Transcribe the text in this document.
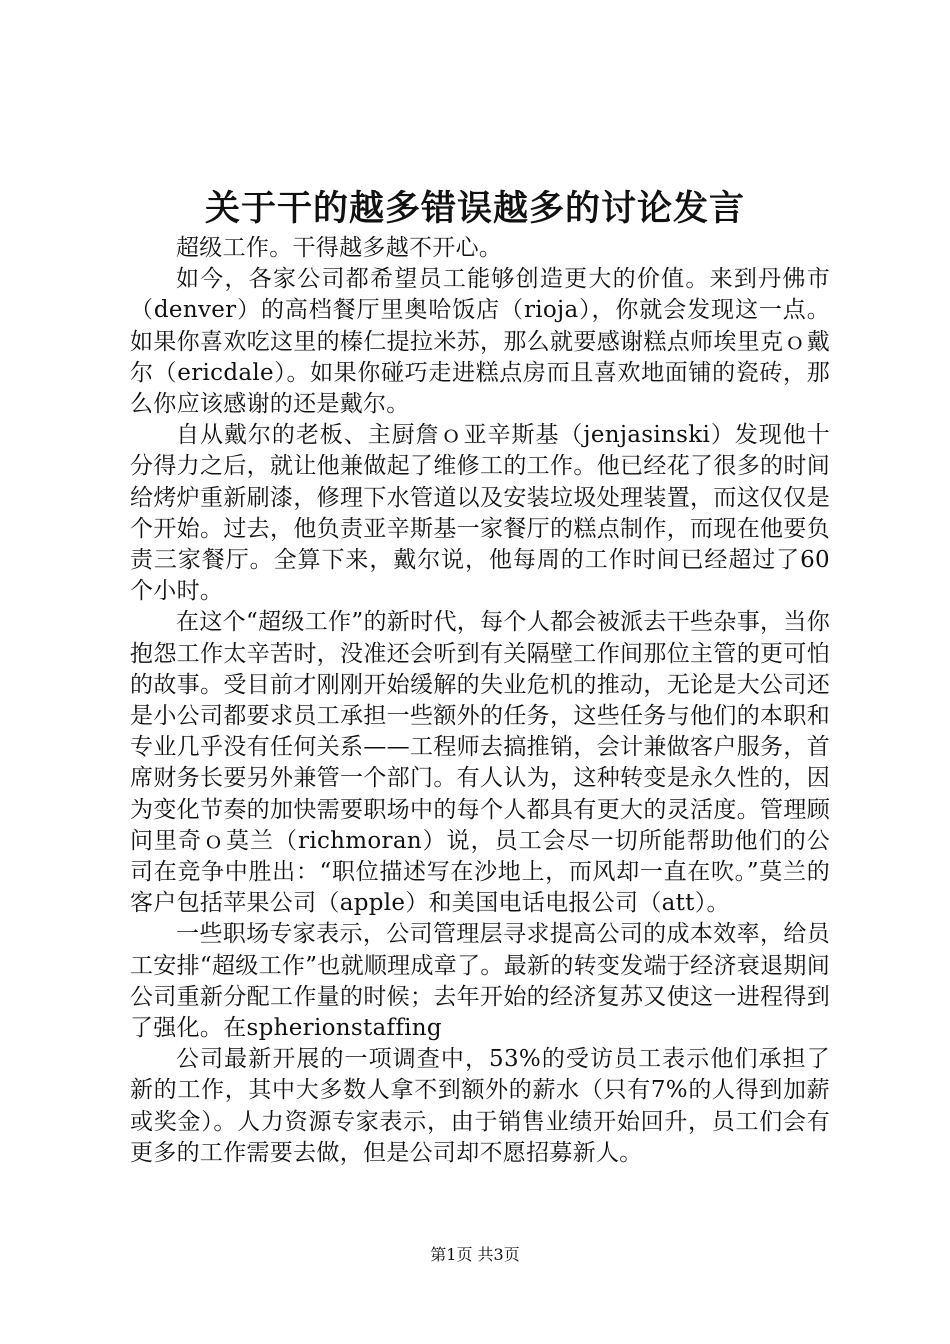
关于干的越多错误越多的讨论发言

超级工作。干得越多越不开心。

如今，各家公司都希望员工能够创造更大的价值。来到丹佛市（denver）的高档餐厅里奥哈饭店（rioja），你就会发现这一点。如果你喜欢吃这里的榛仁提拉米苏，那么就要感谢糕点师埃里克ｏ戴尔（ericdale）。如果你碰巧走进糕点房而且喜欢地面铺的瓷砖，那么你应该感谢的还是戴尔。

自从戴尔的老板、主厨詹ｏ亚辛斯基（jenjasinski）发现他十分得力之后，就让他兼做起了维修工的工作。他已经花了很多的时间给烤炉重新刷漆，修理下水管道以及安装垃圾处理装置，而这仅仅是个开始。过去，他负责亚辛斯基一家餐厅的糕点制作，而现在他要负责三家餐厅。全算下来，戴尔说，他每周的工作时间已经超过了60个小时。

在这个“超级工作”的新时代，每个人都会被派去干些杂事，当你抱怨工作太辛苦时，没准还会听到有关隔壁工作间那位主管的更可怕的故事。受目前才刚刚开始缓解的失业危机的推动，无论是大公司还是小公司都要求员工承担一些额外的任务，这些任务与他们的本职和专业几乎没有任何关系——工程师去搞推销，会计兼做客户服务，首席财务长要另外兼管一个部门。有人认为，这种转变是永久性的，因为变化节奏的加快需要职场中的每个人都具有更大的灵活度。管理顾问里奇ｏ莫兰（richmoran）说，员工会尽一切所能帮助他们的公司在竞争中胜出：“职位描述写在沙地上，而风却一直在吹。”莫兰的客户包括苹果公司（apple）和美国电话电报公司（att）。

一些职场专家表示，公司管理层寻求提高公司的成本效率，给员工安排“超级工作”也就顺理成章了。最新的转变发端于经济衰退期间公司重新分配工作量的时候；去年开始的经济复苏又使这一进程得到了强化。在spherionstaffing

公司最新开展的一项调查中，53%的受访员工表示他们承担了新的工作，其中大多数人拿不到额外的薪水（只有7%的人得到加薪或奖金）。人力资源专家表示，由于销售业绩开始回升，员工们会有更多的工作需要去做，但是公司却不愿招募新人。

第1页 共3页
